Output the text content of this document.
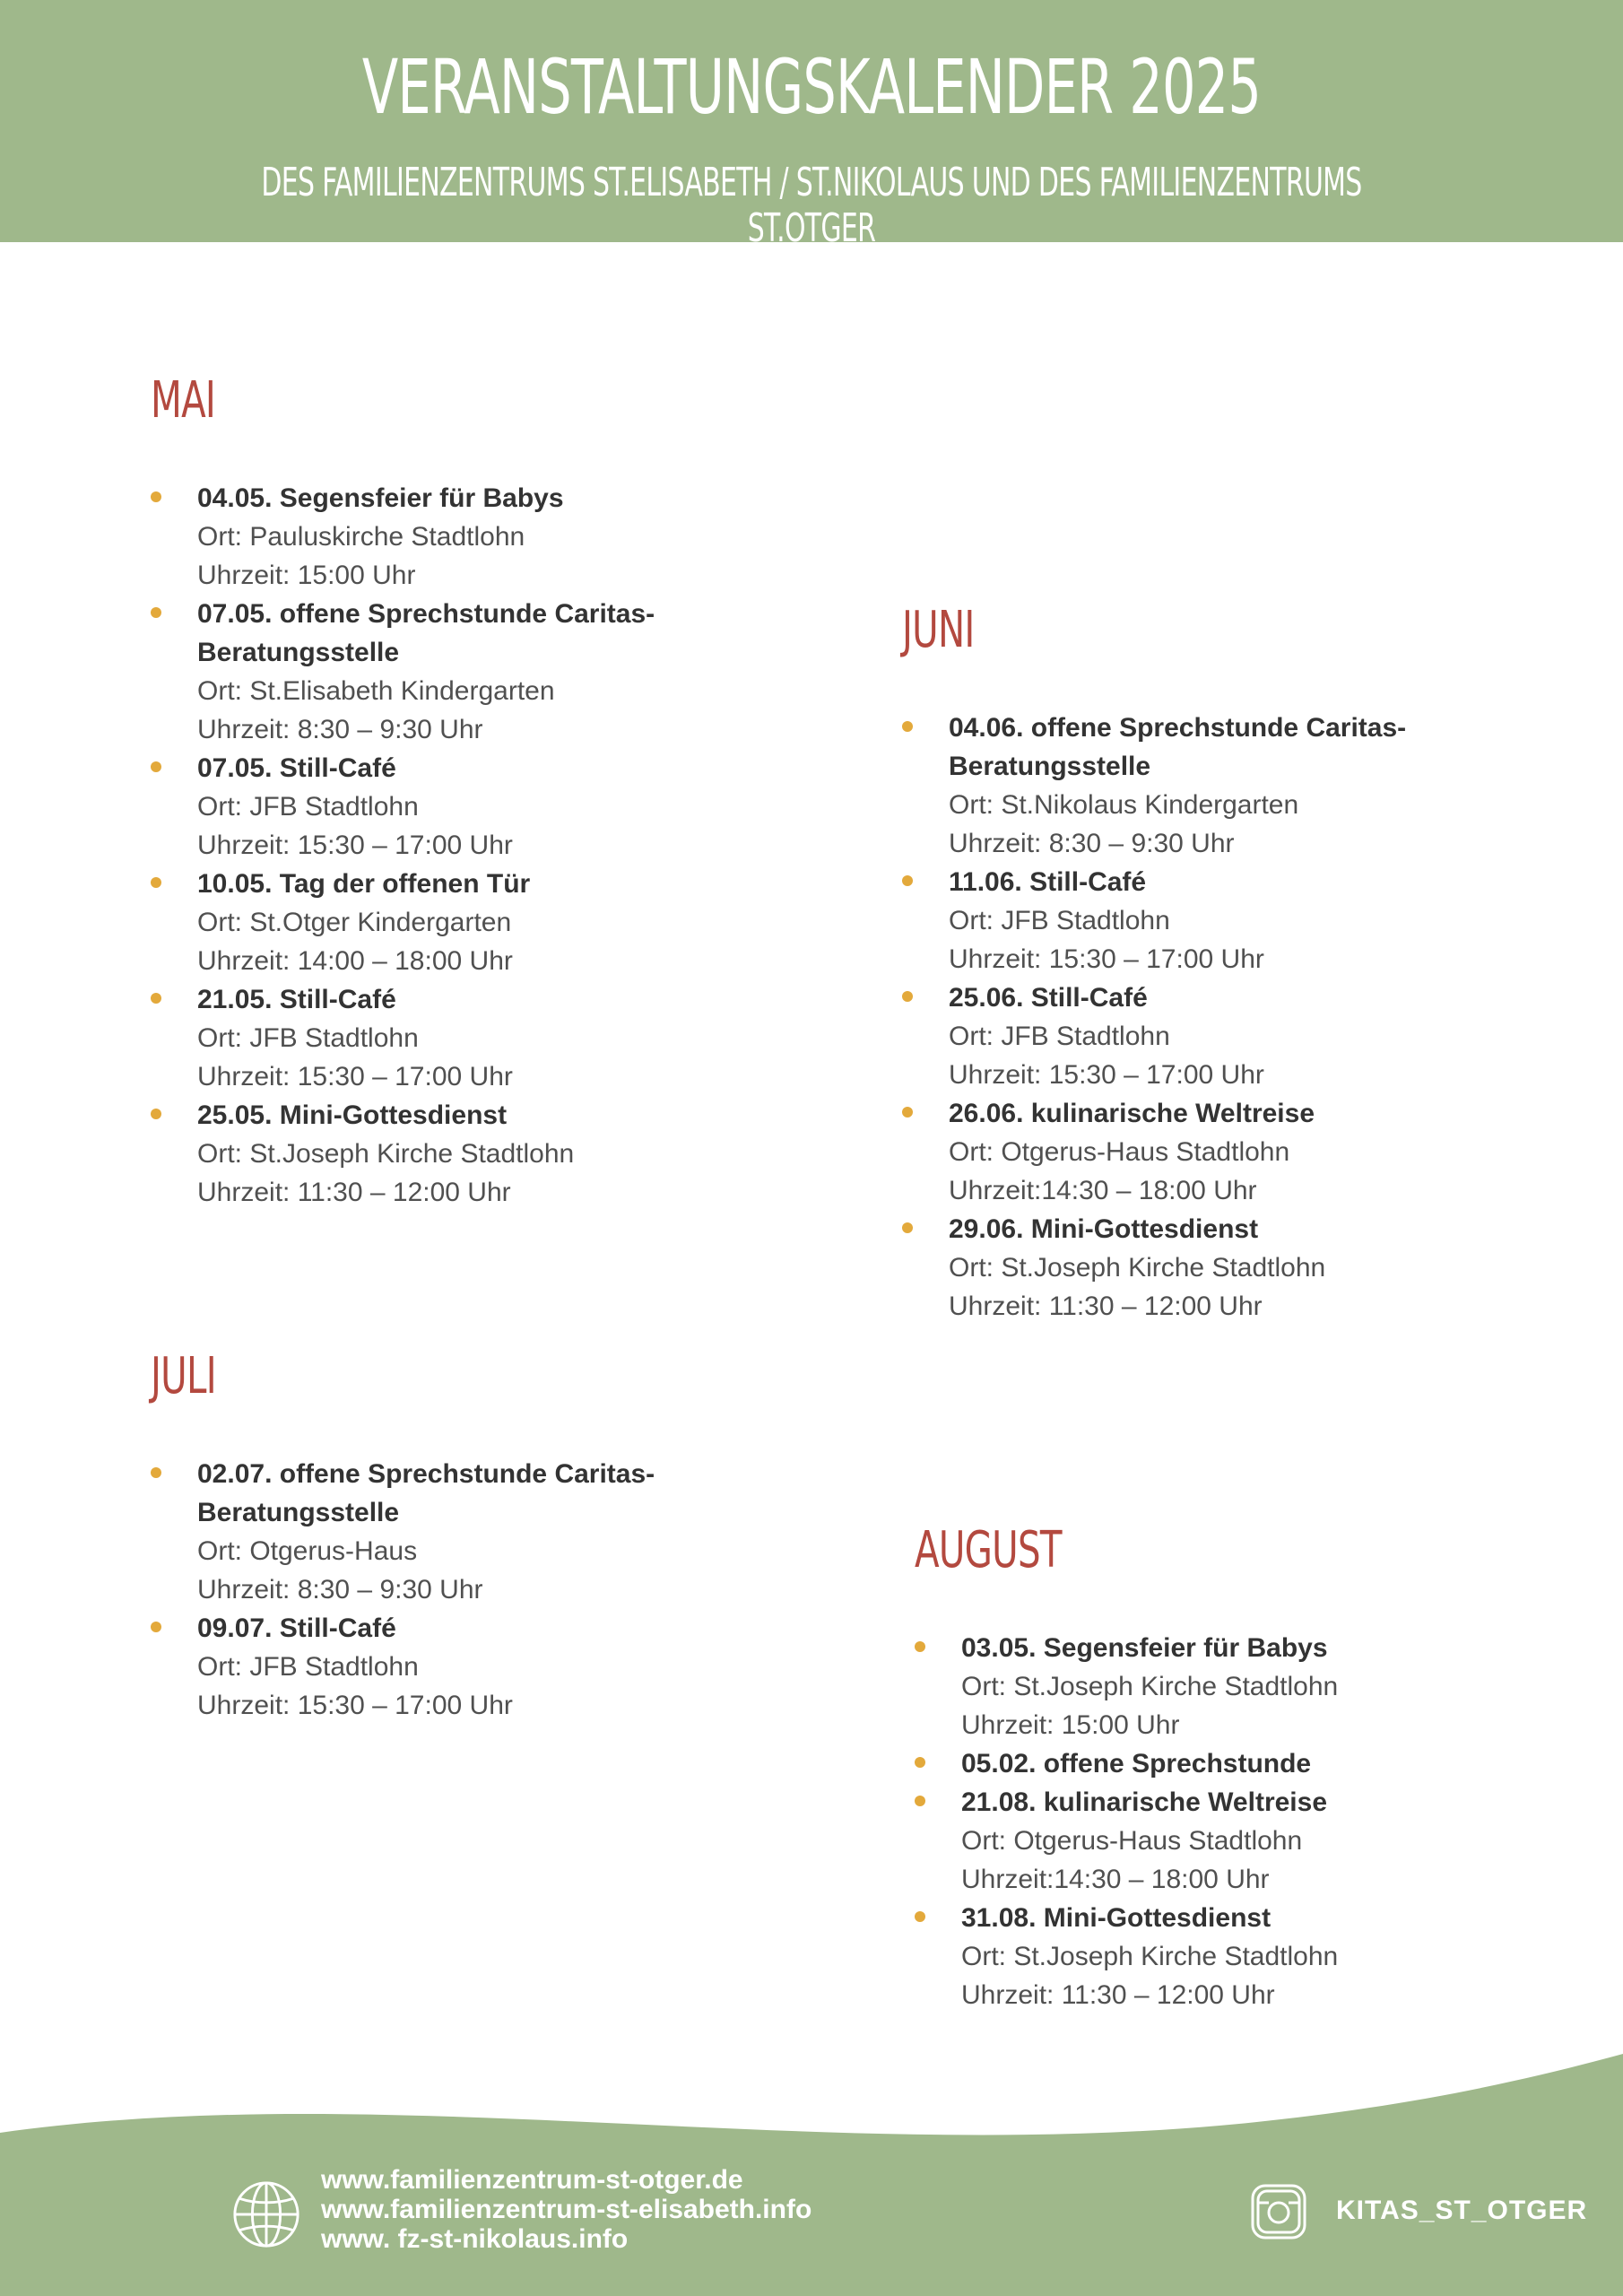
VERANSTALTUNGSKALENDER 2025
DES FAMILIENZENTRUMS ST.ELISABETH / ST.NIKOLAUS UND DES FAMILIENZENTRUMS ST.OTGER
MAI
04.05. Segensfeier für Babys
Ort: Pauluskirche Stadtlohn
Uhrzeit: 15:00 Uhr
07.05. offene Sprechstunde Caritas-
Beratungsstelle
Ort: St.Elisabeth Kindergarten
Uhrzeit: 8:30 – 9:30 Uhr
07.05. Still-Café
Ort: JFB Stadtlohn
Uhrzeit: 15:30 – 17:00 Uhr
10.05. Tag der offenen Tür
Ort: St.Otger Kindergarten
Uhrzeit: 14:00 – 18:00 Uhr
21.05. Still-Café
Ort: JFB Stadtlohn
Uhrzeit: 15:30 – 17:00 Uhr
25.05. Mini-Gottesdienst
Ort: St.Joseph Kirche Stadtlohn
Uhrzeit: 11:30 – 12:00 Uhr
JUNI
04.06. offene Sprechstunde Caritas-
Beratungsstelle
Ort: St.Nikolaus Kindergarten
Uhrzeit: 8:30 – 9:30 Uhr
11.06. Still-Café
Ort: JFB Stadtlohn
Uhrzeit: 15:30 – 17:00 Uhr
25.06. Still-Café
Ort: JFB Stadtlohn
Uhrzeit: 15:30 – 17:00 Uhr
26.06. kulinarische Weltreise
Ort: Otgerus-Haus Stadtlohn
Uhrzeit:14:30 – 18:00 Uhr
29.06. Mini-Gottesdienst
Ort: St.Joseph Kirche Stadtlohn
Uhrzeit: 11:30 – 12:00 Uhr
JULI
02.07. offene Sprechstunde Caritas-
Beratungsstelle
Ort: Otgerus-Haus
Uhrzeit: 8:30 – 9:30 Uhr
09.07. Still-Café
Ort: JFB Stadtlohn
Uhrzeit: 15:30 – 17:00 Uhr
AUGUST
03.05. Segensfeier für Babys
Ort: St.Joseph Kirche Stadtlohn
Uhrzeit: 15:00 Uhr
05.02. offene Sprechstunde
21.08. kulinarische Weltreise
Ort: Otgerus-Haus Stadtlohn
Uhrzeit:14:30 – 18:00 Uhr
31.08. Mini-Gottesdienst
Ort: St.Joseph Kirche Stadtlohn
Uhrzeit: 11:30 – 12:00 Uhr
www.familienzentrum-st-otger.de
www.familienzentrum-st-elisabeth.info
www. fz-st-nikolaus.info
KITAS_ST_OTGER
